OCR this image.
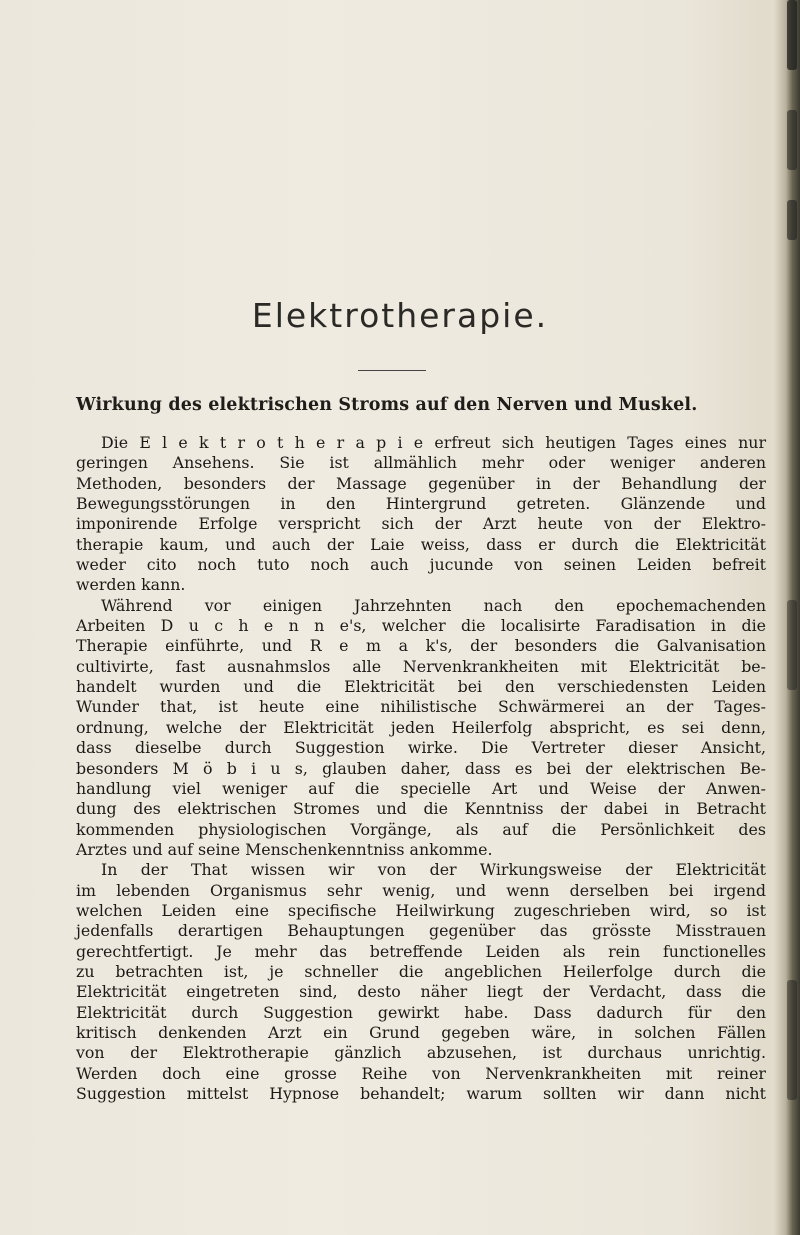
Elektrotherapie.
Wirkung des elektrischen Stroms auf den Nerven und Muskel.
Die E l e k t r o t h e r a p i e erfreut sich heutigen Tages eines nur
geringen Ansehens. Sie ist allmählich mehr oder weniger anderen
Methoden, besonders der Massage gegenüber in der Behandlung der
Bewegungsstörungen in den Hintergrund getreten. Glänzende und
imponirende Erfolge verspricht sich der Arzt heute von der Elektro-
therapie kaum, und auch der Laie weiss, dass er durch die Elektricität
weder cito noch tuto noch auch jucunde von seinen Leiden befreit
werden kann.
Während vor einigen Jahrzehnten nach den epochemachenden
Arbeiten D u c h e n n e's, welcher die localisirte Faradisation in die
Therapie einführte, und R e m a k's, der besonders die Galvanisation
cultivirte, fast ausnahmslos alle Nervenkrankheiten mit Elektricität be-
handelt wurden und die Elektricität bei den verschiedensten Leiden
Wunder that, ist heute eine nihilistische Schwärmerei an der Tages-
ordnung, welche der Elektricität jeden Heilerfolg abspricht, es sei denn,
dass dieselbe durch Suggestion wirke. Die Vertreter dieser Ansicht,
besonders M ö b i u s, glauben daher, dass es bei der elektrischen Be-
handlung viel weniger auf die specielle Art und Weise der Anwen-
dung des elektrischen Stromes und die Kenntniss der dabei in Betracht
kommenden physiologischen Vorgänge, als auf die Persönlichkeit des
Arztes und auf seine Menschenkenntniss ankomme.
In der That wissen wir von der Wirkungsweise der Elektricität
im lebenden Organismus sehr wenig, und wenn derselben bei irgend
welchen Leiden eine specifische Heilwirkung zugeschrieben wird, so ist
jedenfalls derartigen Behauptungen gegenüber das grösste Misstrauen
gerechtfertigt. Je mehr das betreffende Leiden als rein functionelles
zu betrachten ist, je schneller die angeblichen Heilerfolge durch die
Elektricität eingetreten sind, desto näher liegt der Verdacht, dass die
Elektricität durch Suggestion gewirkt habe. Dass dadurch für den
kritisch denkenden Arzt ein Grund gegeben wäre, in solchen Fällen
von der Elektrotherapie gänzlich abzusehen, ist durchaus unrichtig.
Werden doch eine grosse Reihe von Nervenkrankheiten mit reiner
Suggestion mittelst Hypnose behandelt; warum sollten wir dann nicht
